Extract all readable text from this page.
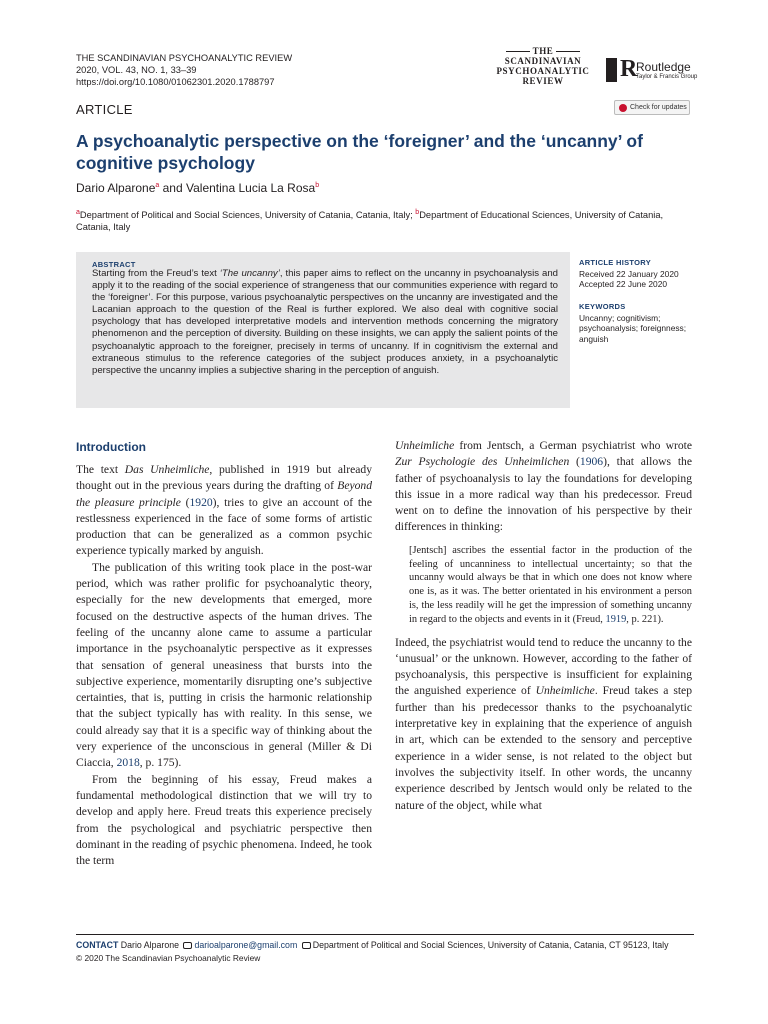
THE SCANDINAVIAN PSYCHOANALYTIC REVIEW
2020, VOL. 43, NO. 1, 33–39
https://doi.org/10.1080/01062301.2020.1788797
THE
SCANDINAVIAN
PSYCHOANALYTIC
REVIEW	R
Routledge
Taylor & Francis Group
ARTICLE	Check for updates
A psychoanalytic perspective on the ‘foreigner’ and the ‘uncanny’ of cognitive psychology
Dario Alparone$^a$ and Valentina Lucia La Rosa$^b$
$^a$Department of Political and Social Sciences, University of Catania, Catania, Italy; $^b$Department of Educational Sciences, University of Catania, Catania, Italy
ABSTRACT
Starting from the Freud’s text ‘The uncanny’, this paper aims to reflect on the uncanny in psychoanalysis and apply it to the reading of the social experience of strangeness that our communities experience with regard to the ‘foreigner’. For this purpose, various psychoanalytic perspectives on the uncanny are investigated and the Lacanian approach to the question of the Real is further explored. We also deal with cognitive social psychology that has developed interpretative models and intervention methods concerning the migratory phenomenon and the perception of diversity. Building on these insights, we can apply the salient points of the psychoanalytic approach to the foreigner, precisely in terms of uncanny. If in cognitivism the external and extraneous stimulus to the reference categories of the subject produces anxiety, in a psychoanalytic perspective the uncanny implies a subjective sharing in the perception of anguish.
ARTICLE HISTORY
Received 22 January 2020
Accepted 22 June 2020
KEYWORDS
Uncanny; cognitivism; psychoanalysis; foreignness; anguish
Introduction

The text Das Unheimliche, published in 1919 but already thought out in the previous years during the drafting of Beyond the pleasure principle (1920), tries to give an account of the restlessness experienced in the face of some forms of artistic production that can be generalized as a common psychic experience typically marked by anguish.

The publication of this writing took place in the post-war period, which was rather prolific for psychoanalytic theory, especially for the new developments that emerged, more focused on the destructive aspects of the human drives. The feeling of the uncanny alone came to assume a particular importance in the psychoanalytic perspective as it expresses that sensation of general uneasiness that bursts into the subjective experience, momentarily disrupting one’s subjective certainties, that is, putting in crisis the harmonic relationship that the subject typically has with reality. In this sense, we could already say that it is a specific way of thinking about the very experience of the unconscious in general (Miller & Di Ciaccia, 2018, p. 175).

From the beginning of his essay, Freud makes a fundamental methodological distinction that we will try to develop and apply here. Freud treats this experience precisely from the psychological and psychiatric perspective then dominant in the reading of psychic phenomena. Indeed, he took the term

Unheimliche from Jentsch, a German psychiatrist who wrote Zur Psychologie des Unheimlichen (1906), that allows the father of psychoanalysis to lay the foundations for developing this issue in a more radical way than his predecessor. Freud went on to define the innovation of his perspective by their differences in thinking:

[Jentsch] ascribes the essential factor in the production of the feeling of uncanniness to intellectual uncertainty; so that the uncanny would always be that in which one does not know where one is, as it was. The better orientated in his environment a person is, the less readily will he get the impression of something uncanny in regard to the objects and events in it (Freud, 1919, p. 221).

Indeed, the psychiatrist would tend to reduce the uncanny to the ‘unusual’ or the unknown. However, according to the father of psychoanalysis, this perspective is insufficient for explaining the anguished experience of Unheimliche. Freud takes a step further than his predecessor thanks to the psychoanalytic interpretative key in explaining that the experience of anguish in art, which can be extended to the sensory and perceptive experience in a wider sense, is not related to the object but involves the subjectivity itself. In other words, the uncanny experience described by Jentsch would only be related to the nature of the object, while what

CONTACT Dario Alparone darioalparone@gmail.com Department of Political and Social Sciences, University of Catania, Catania, CT 95123, Italy
© 2020 The Scandinavian Psychoanalytic Review
